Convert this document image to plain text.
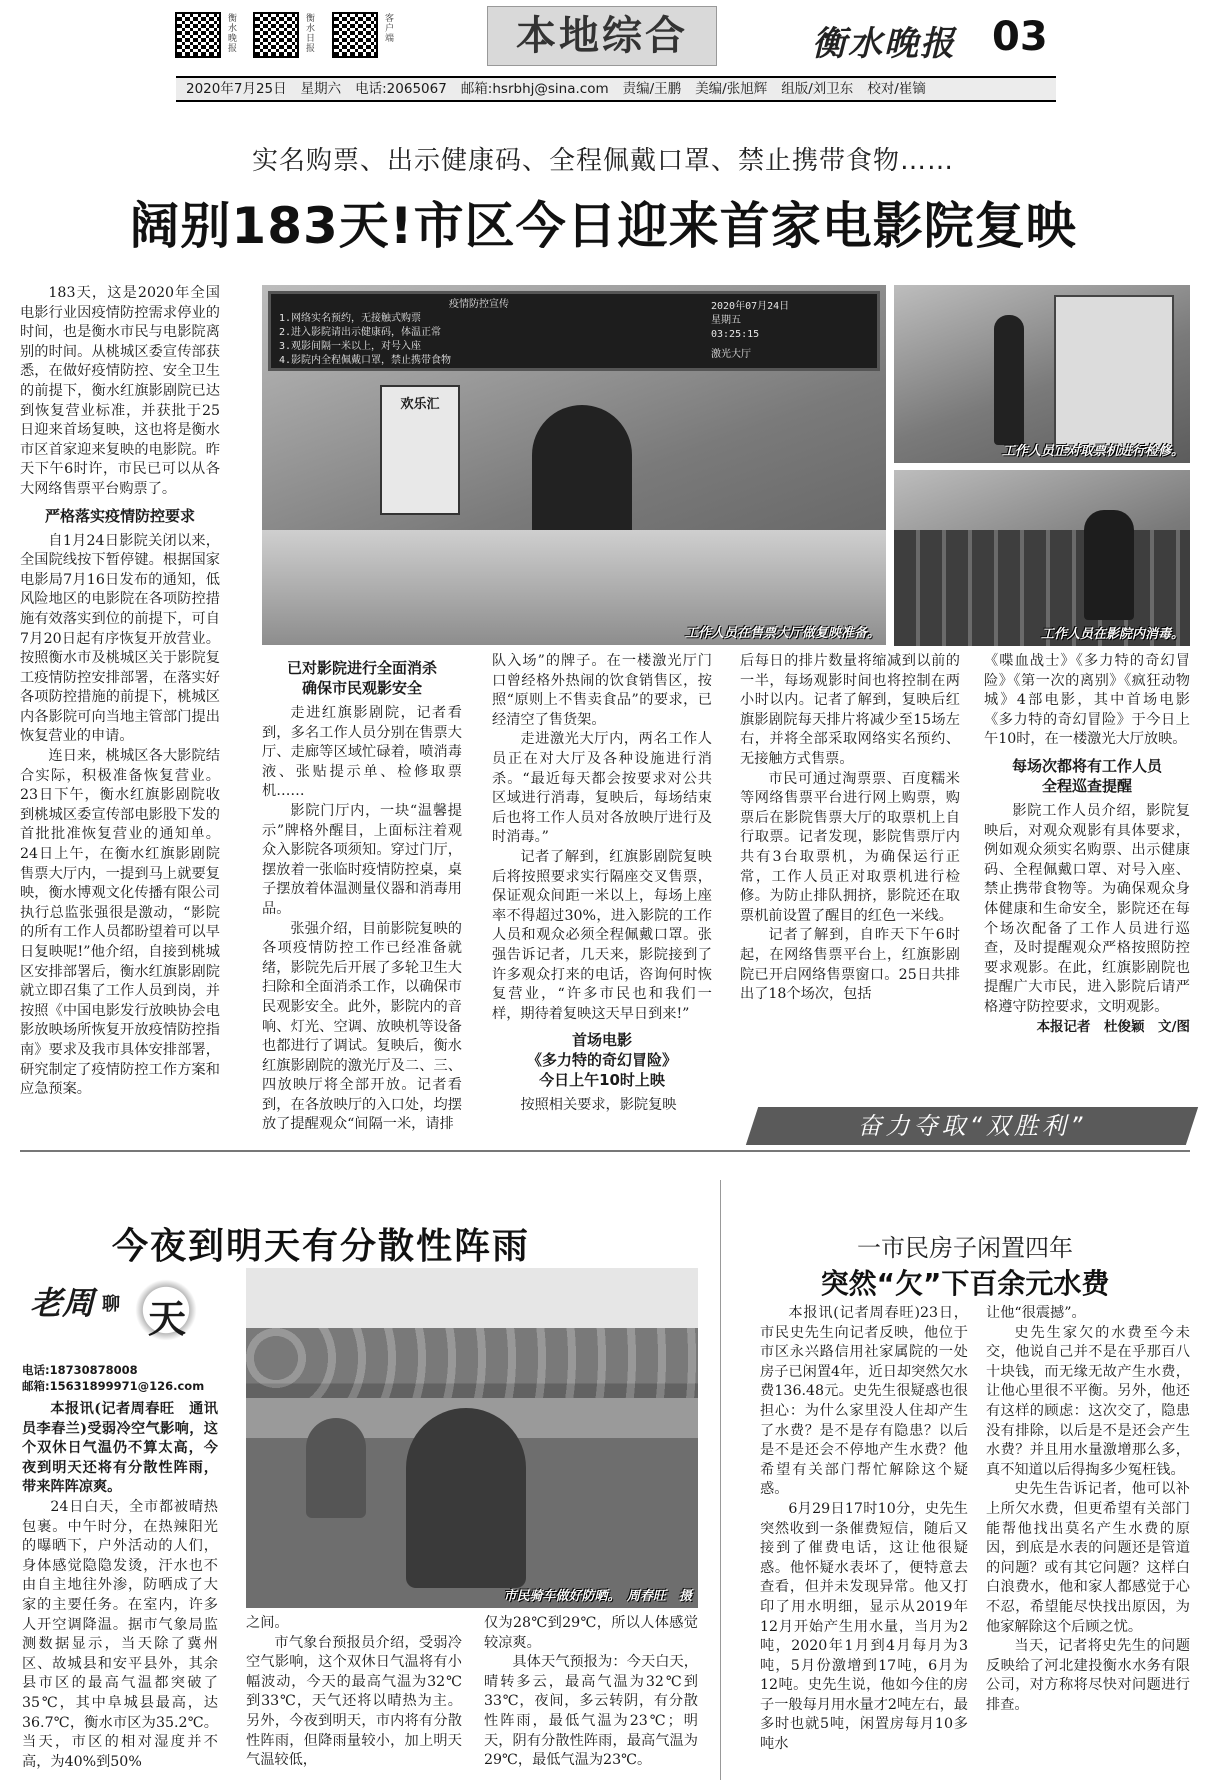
衡水晚报
衡水日报
客户端	本地综合	衡水晚报 03
2020年7月25日 星期六 电话:2065067 邮箱:hsrbhj@sina.com 责编/王鹏 美编/张旭辉 组版/刘卫东 校对/崔镝
实名购票、出示健康码、全程佩戴口罩、禁止携带食物……
阔别183天!市区今日迎来首家电影院复映

183天，这是2020年全国电影行业因疫情防控需求停业的时间，也是衡水市民与电影院离别的时间。从桃城区委宣传部获悉，在做好疫情防控、安全卫生的前提下，衡水红旗影剧院已达到恢复营业标准，并获批于25日迎来首场复映，这也将是衡水市区首家迎来复映的电影院。昨天下午6时许，市民已可以从各大网络售票平台购票了。

严格落实疫情防控要求

自1月24日影院关闭以来，全国院线按下暂停键。根据国家电影局7月16日发布的通知，低风险地区的电影院在各项防控措施有效落实到位的前提下，可自7月20日起有序恢复开放营业。按照衡水市及桃城区关于影院复工疫情防控安排部署，在落实好各项防控措施的前提下，桃城区内各影院可向当地主管部门提出恢复营业的申请。

连日来，桃城区各大影院结合实际，积极准备恢复营业。23日下午，衡水红旗影剧院收到桃城区委宣传部电影股下发的首批批准恢复营业的通知单。24日上午，在衡水红旗影剧院售票大厅内，一提到马上就要复映，衡水博观文化传播有限公司执行总监张强很是激动，“影院的所有工作人员都盼望着可以早日复映呢!”他介绍，自接到桃城区安排部署后，衡水红旗影剧院就立即召集了工作人员到岗，并按照《中国电影发行放映协会电影放映场所恢复开放疫情防控指南》要求及我市具体安排部署，研究制定了疫情防控工作方案和应急预案。

疫情防控宣传
1.网络实名预约，无接触式购票
2.进入影院请出示健康码，体温正常
3.观影间隔一米以上，对号入座
4.影院内全程佩戴口罩，禁止携带食物
2020年07月24日
星期五
03:25:15
激光大厅
欢乐汇
工作人员在售票大厅做复映准备。
工作人员正对取票机进行检修。
工作人员在影院内消毒。
已对影院进行全面消杀
确保市民观影安全

走进红旗影剧院，记者看到，多名工作人员分别在售票大厅、走廊等区域忙碌着，喷消毒液、张贴提示单、检修取票机……

影院门厅内，一块“温馨提示”牌格外醒目，上面标注着观众入影院各项须知。穿过门厅，摆放着一张临时疫情防控桌，桌子摆放着体温测量仪器和消毒用品。

张强介绍，目前影院复映的各项疫情防控工作已经准备就绪，影院先后开展了多轮卫生大扫除和全面消杀工作，以确保市民观影安全。此外，影院内的音响、灯光、空调、放映机等设备也都进行了调试。复映后，衡水红旗影剧院的激光厅及二、三、四放映厅将全部开放。记者看到，在各放映厅的入口处，均摆放了提醒观众“间隔一米，请排

队入场”的牌子。在一楼激光厅门口曾经格外热闹的饮食销售区，按照“原则上不售卖食品”的要求，已经清空了售货架。

走进激光大厅内，两名工作人员正在对大厅及各种设施进行消杀。“最近每天都会按要求对公共区域进行消毒，复映后，每场结束后也将工作人员对各放映厅进行及时消毒。”

记者了解到，红旗影剧院复映后将按照要求实行隔座交叉售票，保证观众间距一米以上，每场上座率不得超过30%，进入影院的工作人员和观众必须全程佩戴口罩。张强告诉记者，几天来，影院接到了许多观众打来的电话，咨询何时恢复营业，“许多市民也和我们一样，期待着复映这天早日到来!”

首场电影
《多力特的奇幻冒险》
今日上午10时上映

按照相关要求，影院复映

后每日的排片数量将缩减到以前的一半，每场观影时间也将控制在两小时以内。记者了解到，复映后红旗影剧院每天排片将减少至15场左右，并将全部采取网络实名预约、无接触方式售票。

市民可通过淘票票、百度糯米等网络售票平台进行网上购票，购票后在影院售票大厅的取票机上自行取票。记者发现，影院售票厅内共有3台取票机，为确保运行正常，工作人员正对取票机进行检修。为防止排队拥挤，影院还在取票机前设置了醒目的红色一米线。

记者了解到，自昨天下午6时起，在网络售票平台上，红旗影剧院已开启网络售票窗口。25日共排出了18个场次，包括

《喋血战士》《多力特的奇幻冒险》《第一次的离别》《疯狂动物城》4部电影，其中首场电影《多力特的奇幻冒险》于今日上午10时，在一楼激光大厅放映。

每场次都将有工作人员
全程巡查提醒

影院工作人员介绍，影院复映后，对观众观影有具体要求，例如观众须实名购票、出示健康码、全程佩戴口罩、对号入座、禁止携带食物等。为确保观众身体健康和生命安全，影院还在每个场次配备了工作人员进行巡查，及时提醒观众严格按照防控要求观影。在此，红旗影剧院也提醒广大市民，进入影院后请严格遵守防控要求，文明观影。

本报记者　杜俊颖　文/图
奋力夺取“双胜利”
今夜到明天有分散性阵雨
老周 聊 天
电话:18730878008
邮箱:15631899971@126.com

本报讯(记者周春旺　通讯员李春兰)受弱冷空气影响，这个双休日气温仍不算太高，今夜到明天还将有分散性阵雨，带来阵阵凉爽。

24日白天，全市都被晴热包裹。中午时分，在热辣阳光的曝晒下，户外活动的人们，身体感觉隐隐发烫，汗水也不由自主地往外渗，防晒成了大家的主要任务。在室内，许多人开空调降温。据市气象局监测数据显示，当天除了冀州区、故城县和安平县外，其余县市区的最高气温都突破了35℃，其中阜城县最高，达36.7℃，衡水市区为35.2℃。当天，市区的相对湿度并不高，为40%到50%

市民骑车做好防晒。　周春旺　摄

之间。

市气象台预报员介绍，受弱冷空气影响，这个双休日气温将有小幅波动，今天的最高气温为32℃到33℃，天气还将以晴热为主。另外，今夜到明天，市内将有分散性阵雨，但降雨量较小，加上明天气温较低，

仅为28℃到29℃，所以人体感觉较凉爽。

具体天气预报为：今天白天，晴转多云，最高气温为32℃到33℃，夜间，多云转阴，有分散性阵雨，最低气温为23℃；明天，阴有分散性阵雨，最高气温为29℃，最低气温为23℃。

一市民房子闲置四年
突然“欠”下百余元水费

本报讯(记者周春旺)23日，市民史先生向记者反映，他位于市区永兴路信用社家属院的一处房子已闲置4年，近日却突然欠水费136.48元。史先生很疑惑也很担心：为什么家里没人住却产生了水费？是不是存有隐患？以后是不是还会不停地产生水费？他希望有关部门帮忙解除这个疑惑。

6月29日17时10分，史先生突然收到一条催费短信，随后又接到了催费电话，这让他很疑惑。他怀疑水表坏了，便特意去查看，但并未发现异常。他又打印了用水明细，显示从2019年12月开始产生用水量，当月为2吨，2020年1月到4月每月为3吨，5月份激增到17吨，6月为12吨。史先生说，他如今住的房子一般每月用水量才2吨左右，最多时也就5吨，闲置房每月10多吨水

让他“很震撼”。

史先生家欠的水费至今未交，他说自己并不是在乎那百八十块钱，而无缘无故产生水费，让他心里很不平衡。另外，他还有这样的顾虑：这次交了，隐患没有排除，以后是不是还会产生水费？并且用水量激增那么多，真不知道以后得掏多少冤枉钱。

史先生告诉记者，他可以补上所欠水费，但更希望有关部门能帮他找出莫名产生水费的原因，到底是水表的问题还是管道的问题？或有其它问题？这样白白浪费水，他和家人都感觉于心不忍，希望能尽快找出原因，为他家解除这个后顾之忧。

当天，记者将史先生的问题反映给了河北建投衡水水务有限公司，对方称将尽快对问题进行排查。
